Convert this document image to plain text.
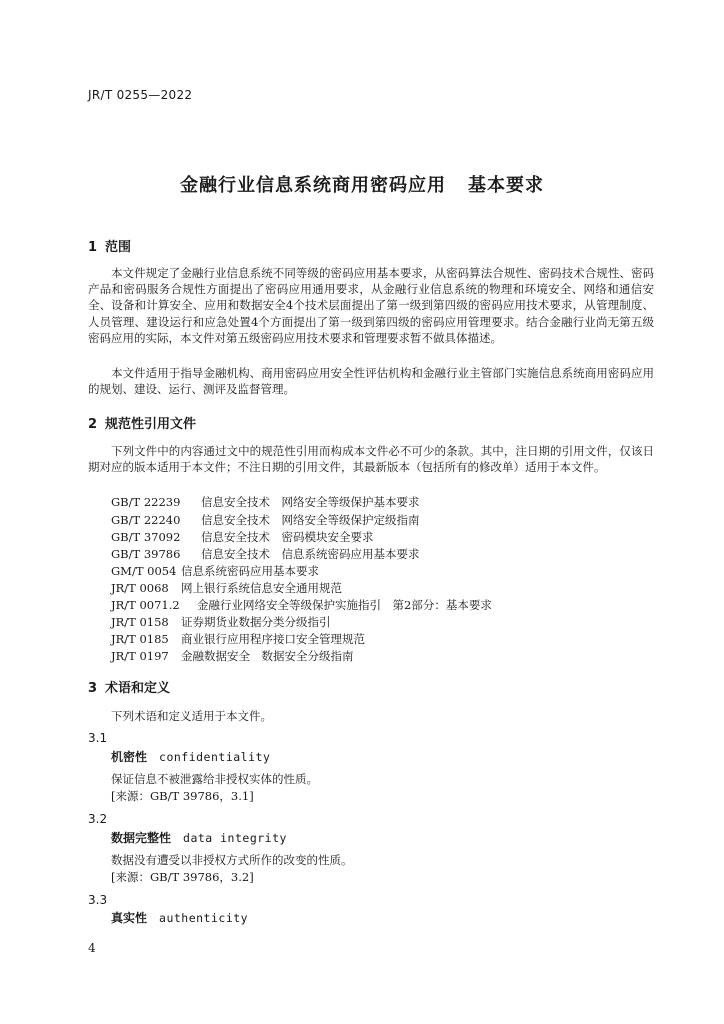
JR/T 0255—2022
金融行业信息系统商用密码应用 基本要求
1 范围
本文件规定了金融行业信息系统不同等级的密码应用基本要求，从密码算法合规性、密码技术合规性、密码产品和密码服务合规性方面提出了密码应用通用要求，从金融行业信息系统的物理和环境安全、网络和通信安全、设备和计算安全、应用和数据安全4个技术层面提出了第一级到第四级的密码应用技术要求，从管理制度、人员管理、建设运行和应急处置4个方面提出了第一级到第四级的密码应用管理要求。结合金融行业尚无第五级密码应用的实际，本文件对第五级密码应用技术要求和管理要求暂不做具体描述。
本文件适用于指导金融机构、商用密码应用安全性评估机构和金融行业主管部门实施信息系统商用密码应用的规划、建设、运行、测评及监督管理。
2 规范性引用文件
下列文件中的内容通过文中的规范性引用而构成本文件必不可少的条款。其中，注日期的引用文件，仅该日期对应的版本适用于本文件；不注日期的引用文件，其最新版本（包括所有的修改单）适用于本文件。
GB/T 22239 信息安全技术　网络安全等级保护基本要求
GB/T 22240 信息安全技术　网络安全等级保护定级指南
GB/T 37092 信息安全技术　密码模块安全要求
GB/T 39786 信息安全技术　信息系统密码应用基本要求
GM/T 0054 信息系统密码应用基本要求
JR/T 0068 网上银行系统信息安全通用规范
JR/T 0071.2 金融行业网络安全等级保护实施指引　第2部分：基本要求
JR/T 0158 证券期货业数据分类分级指引
JR/T 0185 商业银行应用程序接口安全管理规范
JR/T 0197 金融数据安全　数据安全分级指南
3 术语和定义
下列术语和定义适用于本文件。
3.1
机密性 confidentiality
保证信息不被泄露给非授权实体的性质。
[来源：GB/T 39786，3.1]
3.2
数据完整性 data integrity
数据没有遭受以非授权方式所作的改变的性质。
[来源：GB/T 39786，3.2]
3.3
真实性 authenticity
4
